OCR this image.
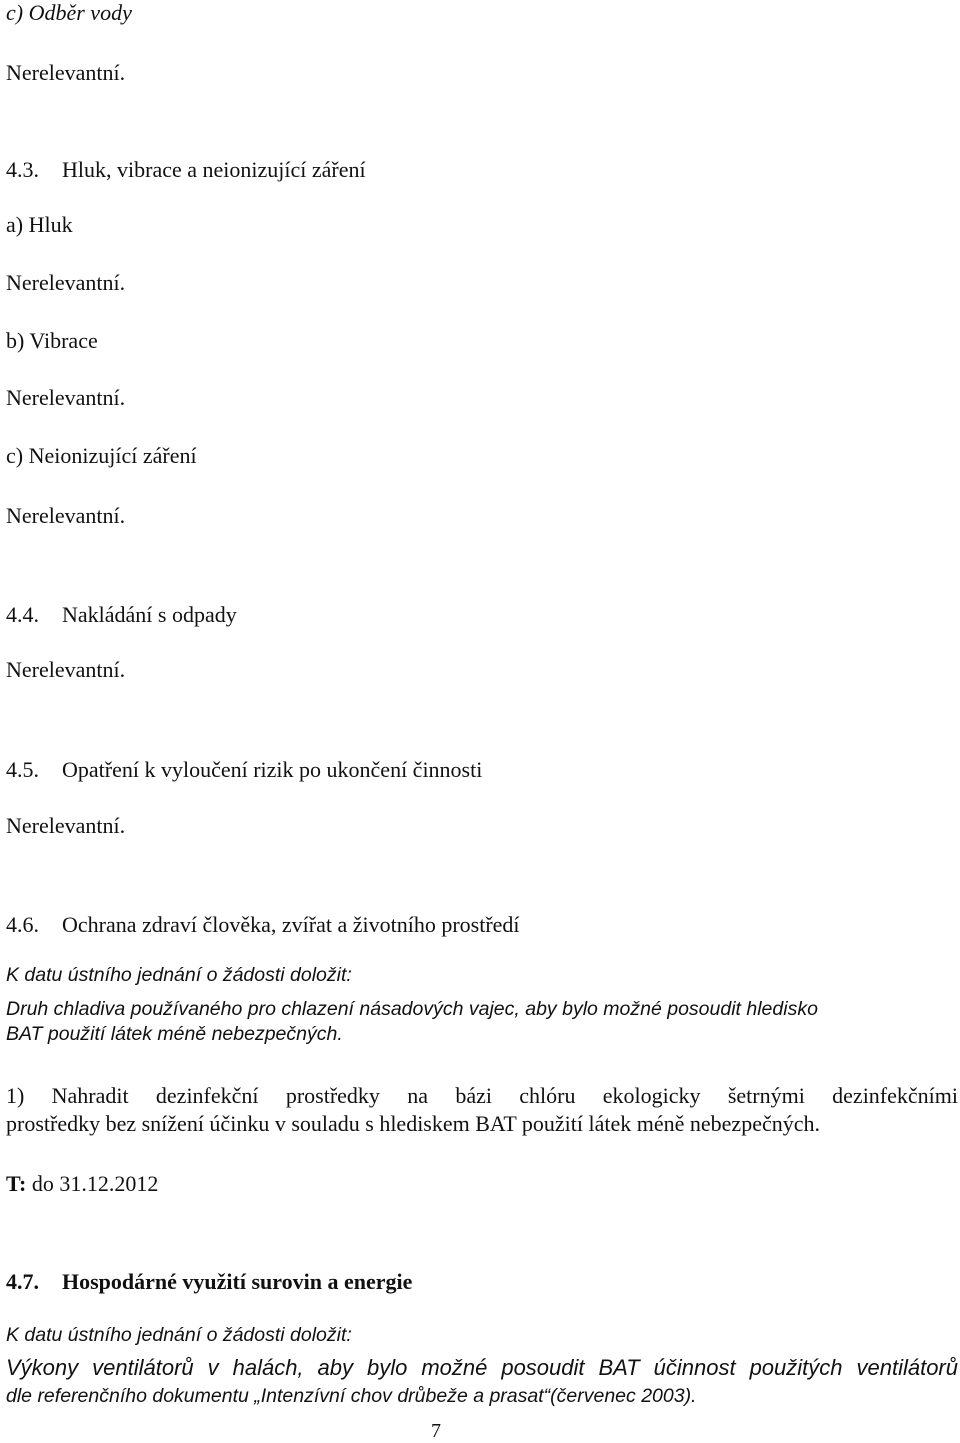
c) Odběr vody
Nerelevantní.
4.3. Hluk, vibrace a neionizující záření
a) Hluk
Nerelevantní.
b) Vibrace
Nerelevantní.
c) Neionizující záření
Nerelevantní.
4.4. Nakládání s odpady
Nerelevantní.
4.5. Opatření k vyloučení rizik po ukončení činnosti
Nerelevantní.
4.6. Ochrana zdraví člověka, zvířat a životního prostředí
K datu ústního jednání o žádosti doložit:
Druh chladiva používaného pro chlazení násadových vajec, aby bylo možné posoudit hledisko
BAT použití látek méně nebezpečných.
1) Nahradit dezinfekční prostředky na bázi chlóru ekologicky šetrnými dezinfekčními
prostředky bez snížení účinku v souladu s hlediskem BAT použití látek méně nebezpečných.
T: do 31.12.2012
4.7. Hospodárné využití surovin a energie
K datu ústního jednání o žádosti doložit:
Výkony ventilátorů v halách, aby bylo možné posoudit BAT účinnost použitých ventilátorů
dle referenčního dokumentu „Intenzívní chov drůbeže a prasat“(červenec 2003).
7
